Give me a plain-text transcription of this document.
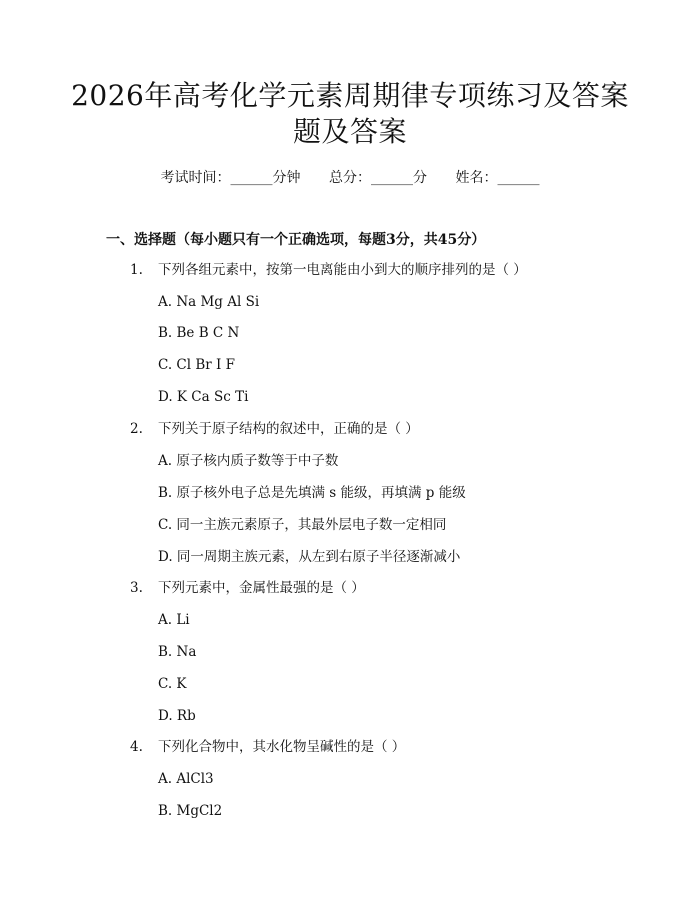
2026年高考化学元素周期律专项练习及答案
题及答案
考试时间：______分钟 总分：______分 姓名：______
一、选择题（每小题只有一个正确选项，每题3分，共45分）
1. 下列各组元素中，按第一电离能由小到大的顺序排列的是（ ）
A. Na Mg Al Si
B. Be B C N
C. Cl Br I F
D. K Ca Sc Ti
2. 下列关于原子结构的叙述中，正确的是（ ）
A. 原子核内质子数等于中子数
B. 原子核外电子总是先填满 s 能级，再填满 p 能级
C. 同一主族元素原子，其最外层电子数一定相同
D. 同一周期主族元素，从左到右原子半径逐渐减小
3. 下列元素中，金属性最强的是（ ）
A. Li
B. Na
C. K
D. Rb
4. 下列化合物中，其水化物呈碱性的是（ ）
A. AlCl3
B. MgCl2
